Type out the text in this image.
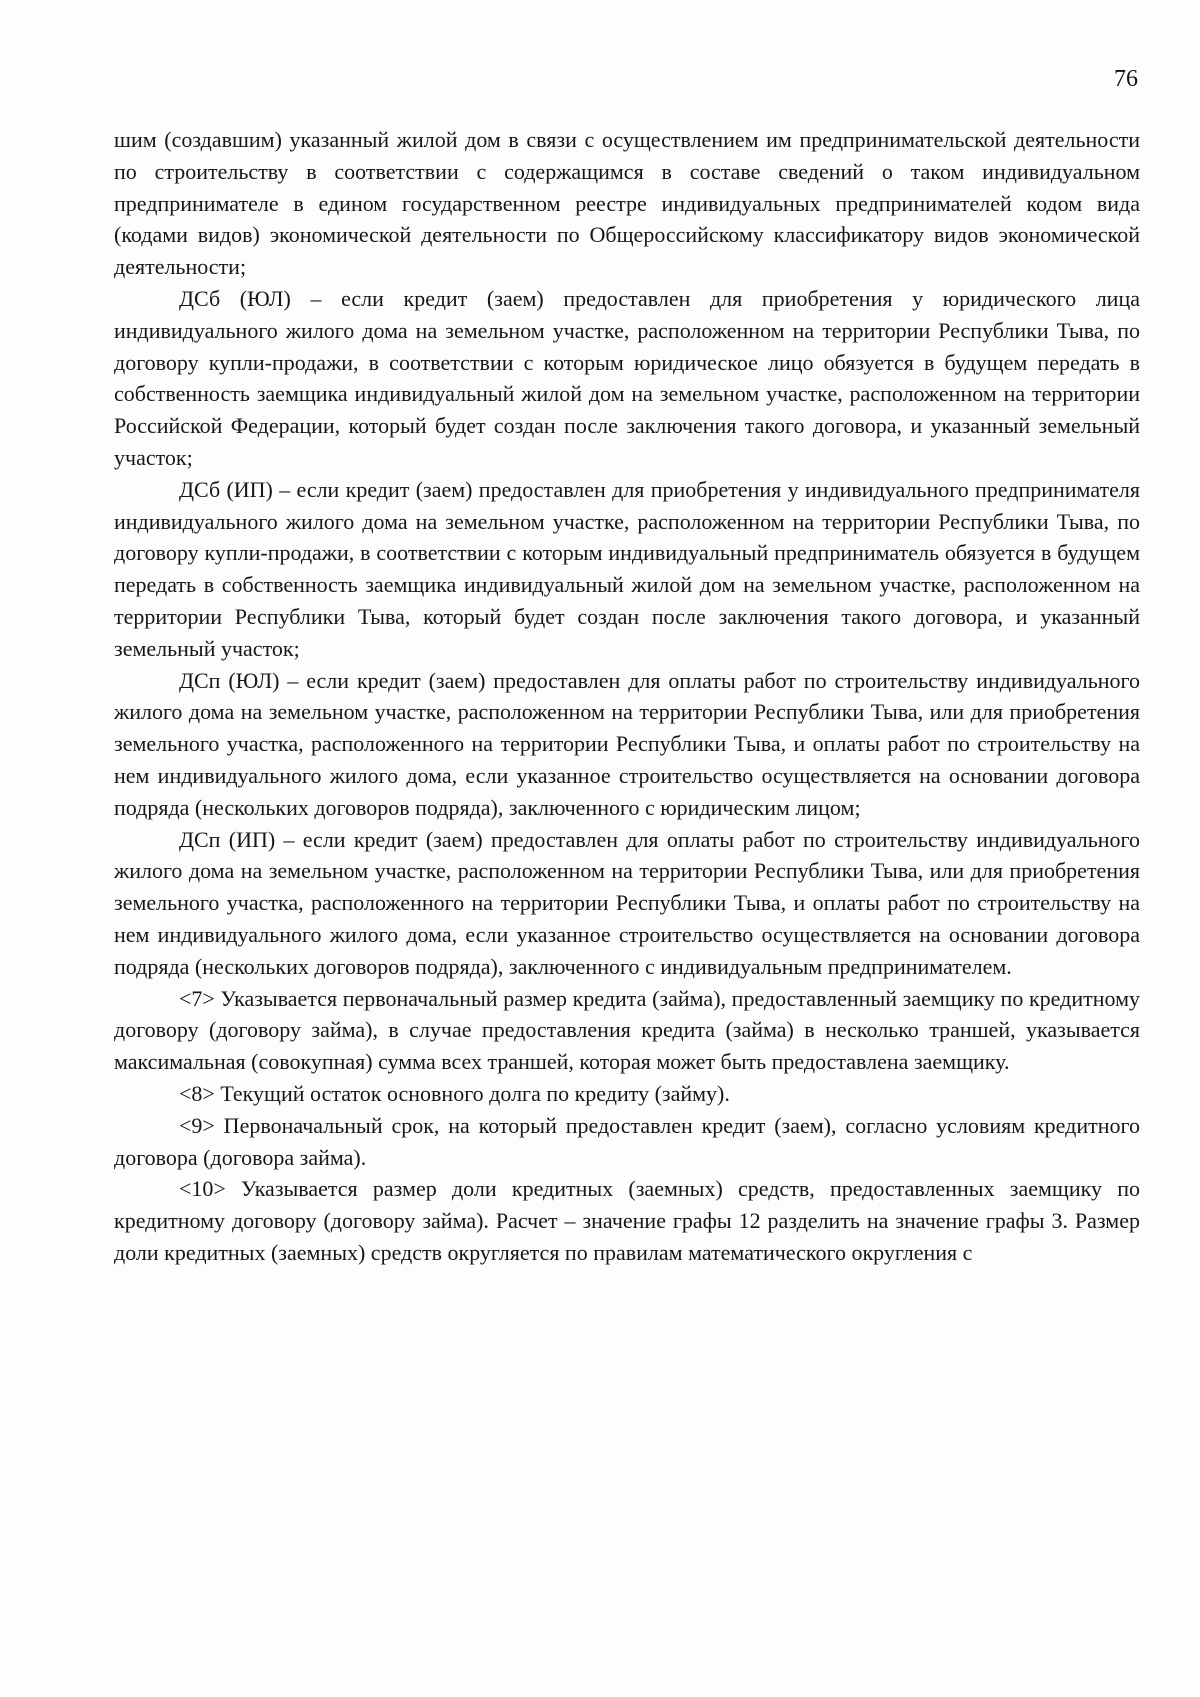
76

шим (создавшим) указанный жилой дом в связи с осуществлением им предпринимательской деятельности по строительству в соответствии с содержащимся в составе сведений о таком индивидуальном предпринимателе в едином государственном реестре индивидуальных предпринимателей кодом вида (кодами видов) экономической деятельности по Общероссийскому классификатору видов экономической деятельности;

ДСб (ЮЛ) – если кредит (заем) предоставлен для приобретения у юридического лица индивидуального жилого дома на земельном участке, расположенном на территории Республики Тыва, по договору купли-продажи, в соответствии с которым юридическое лицо обязуется в будущем передать в собственность заемщика индивидуальный жилой дом на земельном участке, расположенном на территории Российской Федерации, который будет создан после заключения такого договора, и указанный земельный участок;

ДСб (ИП) – если кредит (заем) предоставлен для приобретения у индивидуального предпринимателя индивидуального жилого дома на земельном участке, расположенном на территории Республики Тыва, по договору купли-продажи, в соответствии с которым индивидуальный предприниматель обязуется в будущем передать в собственность заемщика индивидуальный жилой дом на земельном участке, расположенном на территории Республики Тыва, который будет создан после заключения такого договора, и указанный земельный участок;

ДСп (ЮЛ) – если кредит (заем) предоставлен для оплаты работ по строительству индивидуального жилого дома на земельном участке, расположенном на территории Республики Тыва, или для приобретения земельного участка, расположенного на территории Республики Тыва, и оплаты работ по строительству на нем индивидуального жилого дома, если указанное строительство осуществляется на основании договора подряда (нескольких договоров подряда), заключенного с юридическим лицом;

ДСп (ИП) – если кредит (заем) предоставлен для оплаты работ по строительству индивидуального жилого дома на земельном участке, расположенном на территории Республики Тыва, или для приобретения земельного участка, расположенного на территории Республики Тыва, и оплаты работ по строительству на нем индивидуального жилого дома, если указанное строительство осуществляется на основании договора подряда (нескольких договоров подряда), заключенного с индивидуальным предпринимателем.

<7> Указывается первоначальный размер кредита (займа), предоставленный заемщику по кредитному договору (договору займа), в случае предоставления кредита (займа) в несколько траншей, указывается максимальная (совокупная) сумма всех траншей, которая может быть предоставлена заемщику.

<8> Текущий остаток основного долга по кредиту (займу).

<9> Первоначальный срок, на который предоставлен кредит (заем), согласно условиям кредитного договора (договора займа).

<10> Указывается размер доли кредитных (заемных) средств, предоставленных заемщику по кредитному договору (договору займа). Расчет – значение графы 12 разделить на значение графы 3. Размер доли кредитных (заемных) средств округляется по правилам математического округления с
